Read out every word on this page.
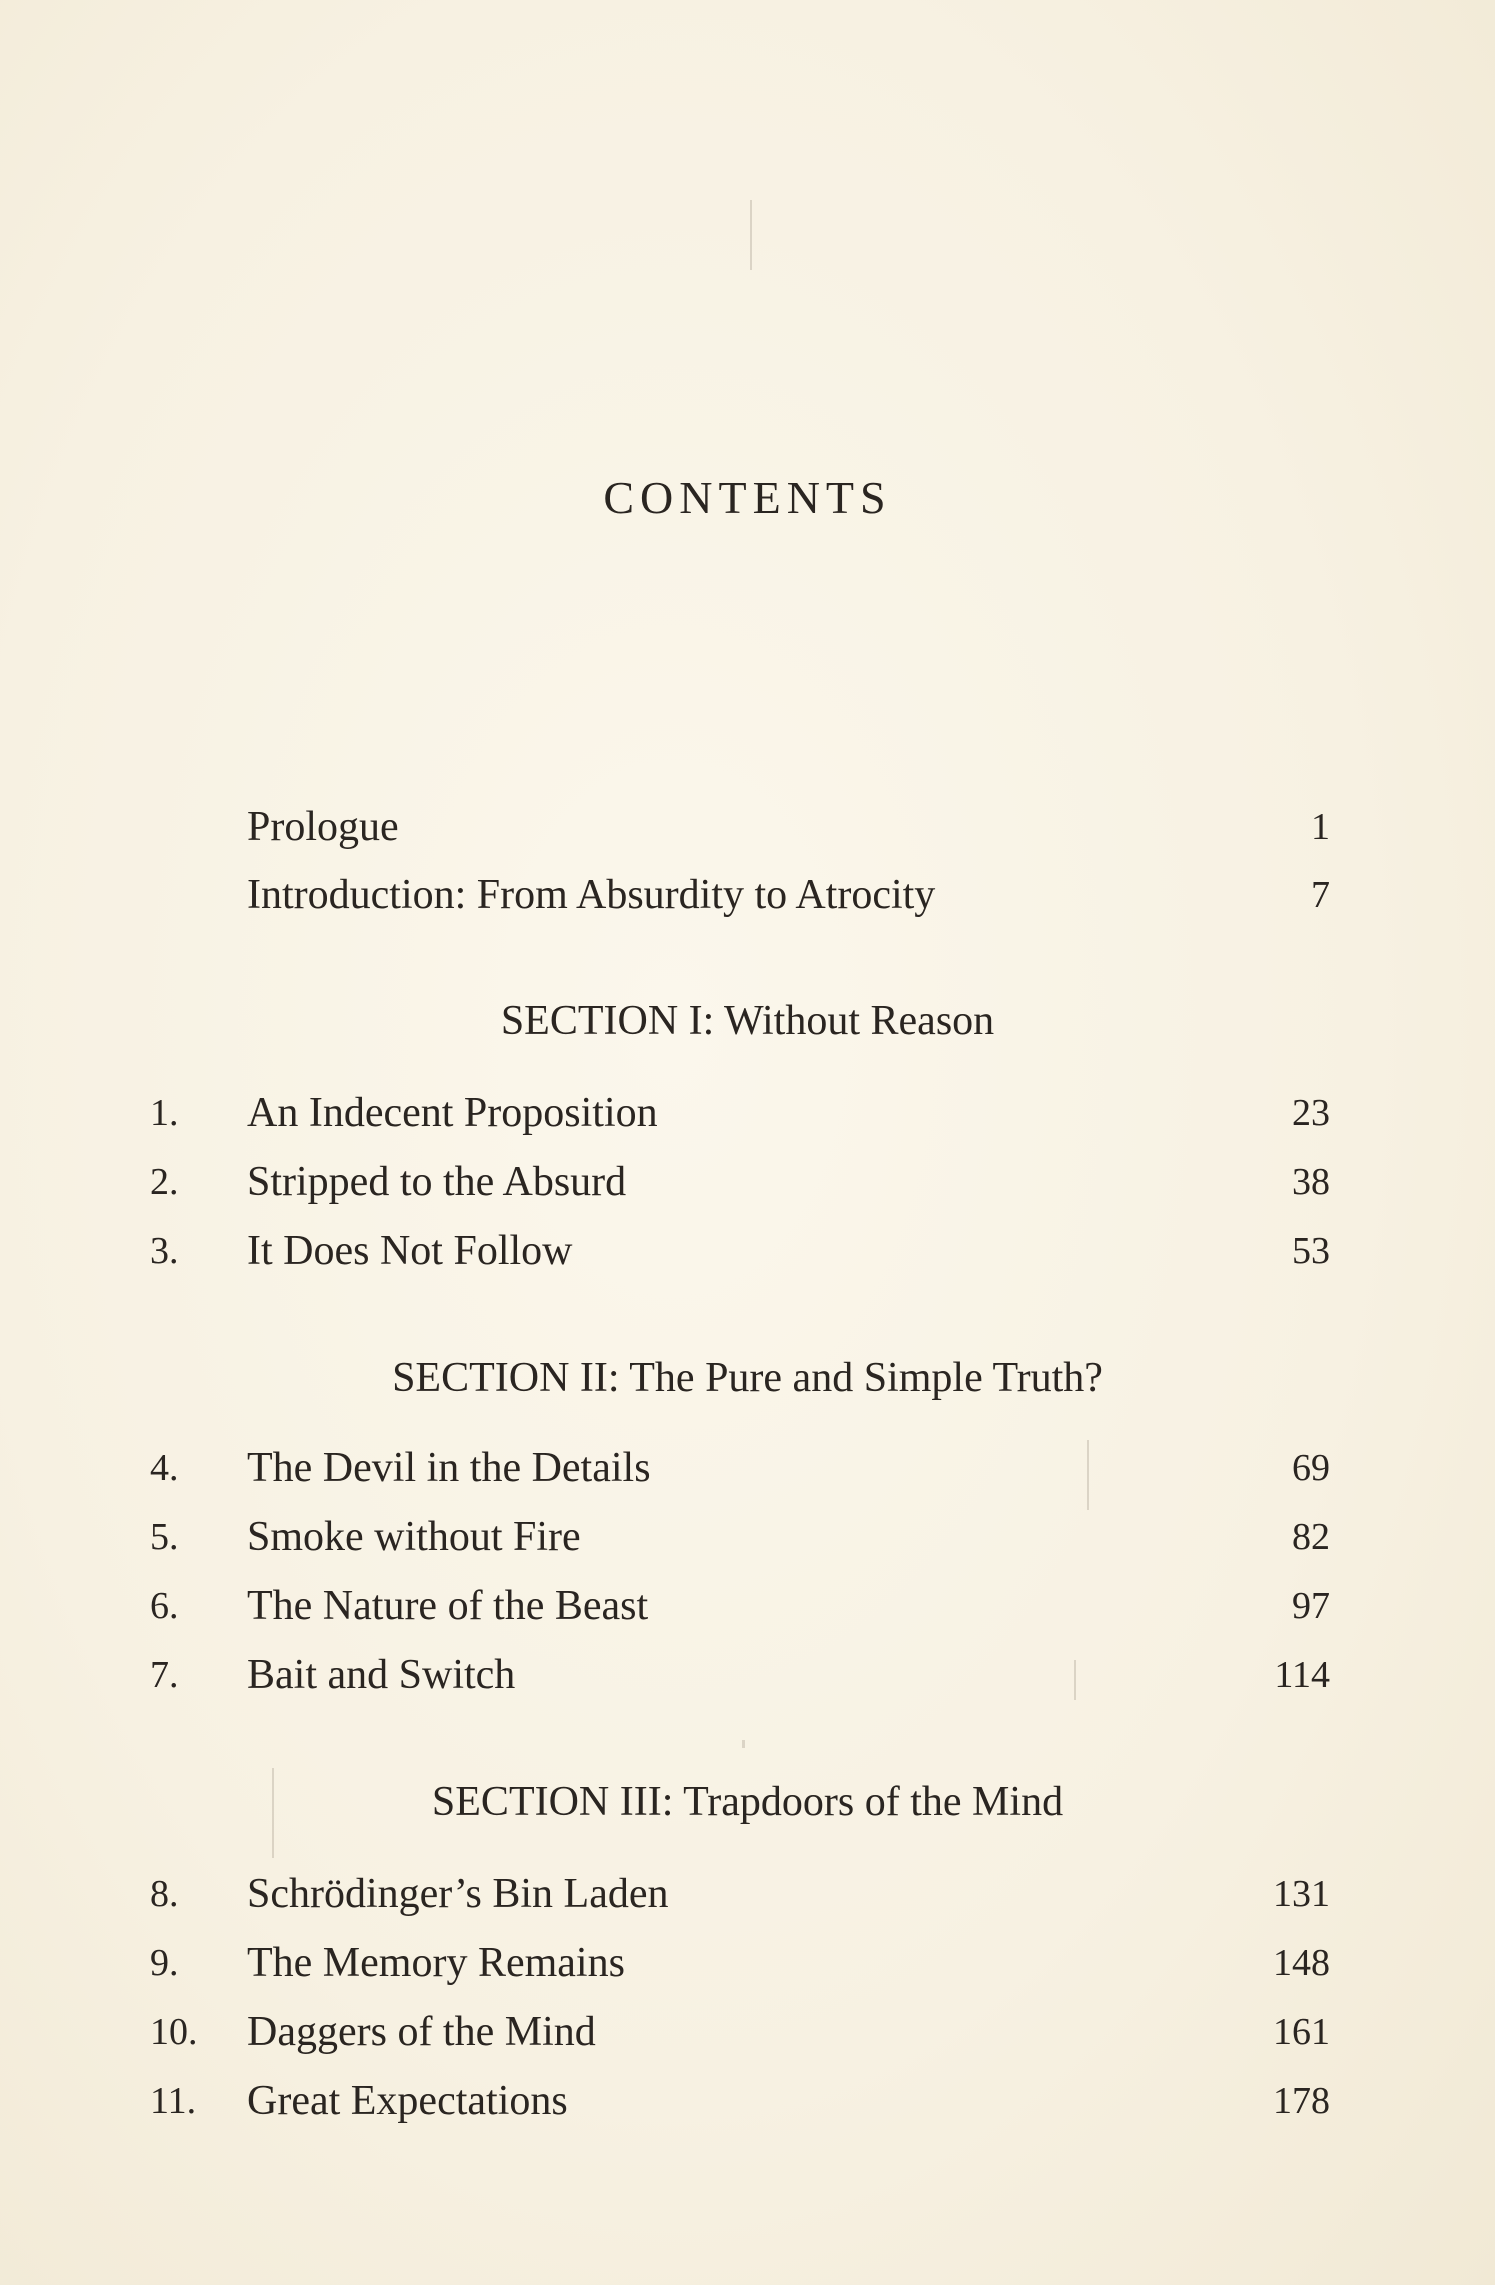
CONTENTS
Prologue	1
Introduction: From Absurdity to Atrocity	7
SECTION I: Without Reason
1.	An Indecent Proposition	23
2.	Stripped to the Absurd	38
3.	It Does Not Follow	53
SECTION II: The Pure and Simple Truth?
4.	The Devil in the Details	69
5.	Smoke without Fire	82
6.	The Nature of the Beast	97
7.	Bait and Switch	114
SECTION III: Trapdoors of the Mind
8.	Schrödinger’s Bin Laden	131
9.	The Memory Remains	148
10.	Daggers of the Mind	161
11.	Great Expectations	178
